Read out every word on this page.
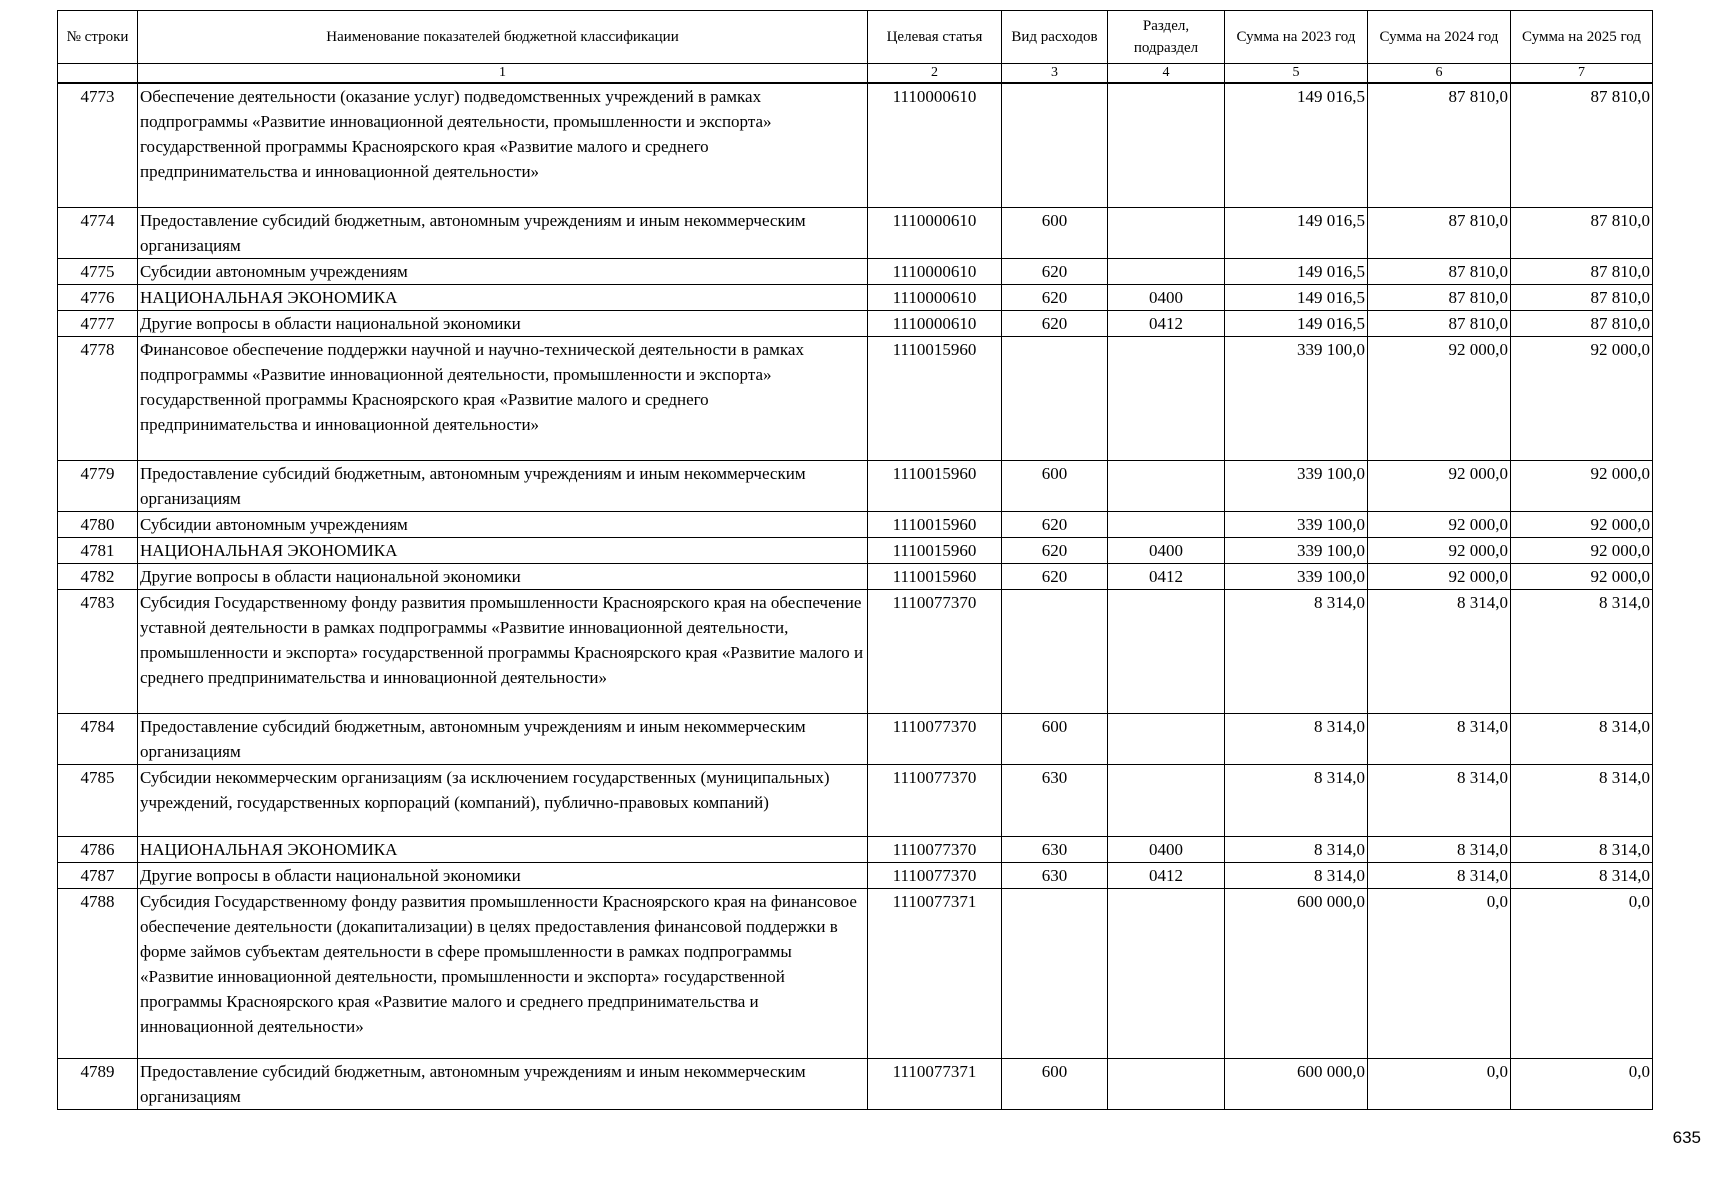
№ строки	Наименование показателей бюджетной классификации	Целевая статья	Вид расходов	Раздел, подраздел	Сумма на 2023 год	Сумма на 2024 год	Сумма на 2025 год
	1	2	3	4	5	6	7
4773	Обеспечение деятельности (оказание услуг) подведомственных учреждений в рамках подпрограммы «Развитие инновационной деятельности, промышленности и экспорта» государственной программы Красноярского края «Развитие малого и среднего предпринимательства и инновационной деятельности»	1110000610			149 016,5	87 810,0	87 810,0
4774	Предоставление субсидий бюджетным, автономным учреждениям и иным некоммерческим организациям	1110000610	600		149 016,5	87 810,0	87 810,0
4775	Субсидии автономным учреждениям	1110000610	620		149 016,5	87 810,0	87 810,0
4776	НАЦИОНАЛЬНАЯ ЭКОНОМИКА	1110000610	620	0400	149 016,5	87 810,0	87 810,0
4777	Другие вопросы в области национальной экономики	1110000610	620	0412	149 016,5	87 810,0	87 810,0
4778	Финансовое обеспечение поддержки научной и научно-технической деятельности в рамках подпрограммы «Развитие инновационной деятельности, промышленности и экспорта» государственной программы Красноярского края «Развитие малого и среднего предпринимательства и инновационной деятельности»	1110015960			339 100,0	92 000,0	92 000,0
4779	Предоставление субсидий бюджетным, автономным учреждениям и иным некоммерческим организациям	1110015960	600		339 100,0	92 000,0	92 000,0
4780	Субсидии автономным учреждениям	1110015960	620		339 100,0	92 000,0	92 000,0
4781	НАЦИОНАЛЬНАЯ ЭКОНОМИКА	1110015960	620	0400	339 100,0	92 000,0	92 000,0
4782	Другие вопросы в области национальной экономики	1110015960	620	0412	339 100,0	92 000,0	92 000,0
4783	Субсидия Государственному фонду развития промышленности Красноярского края на обеспечение уставной деятельности в рамках подпрограммы «Развитие инновационной деятельности, промышленности и экспорта» государственной программы Красноярского края «Развитие малого и среднего предпринимательства и инновационной деятельности»	1110077370			8 314,0	8 314,0	8 314,0
4784	Предоставление субсидий бюджетным, автономным учреждениям и иным некоммерческим организациям	1110077370	600		8 314,0	8 314,0	8 314,0
4785	Субсидии некоммерческим организациям (за исключением государственных (муниципальных) учреждений, государственных корпораций (компаний), публично-правовых компаний)	1110077370	630		8 314,0	8 314,0	8 314,0
4786	НАЦИОНАЛЬНАЯ ЭКОНОМИКА	1110077370	630	0400	8 314,0	8 314,0	8 314,0
4787	Другие вопросы в области национальной экономики	1110077370	630	0412	8 314,0	8 314,0	8 314,0
4788	Субсидия Государственному фонду развития промышленности Красноярского края на финансовое обеспечение деятельности (докапитализации) в целях предоставления финансовой поддержки в форме займов субъектам деятельности в сфере промышленности в рамках подпрограммы «Развитие инновационной деятельности, промышленности и экспорта» государственной программы Красноярского края «Развитие малого и среднего предпринимательства и инновационной деятельности»	1110077371			600 000,0	0,0	0,0
4789	Предоставление субсидий бюджетным, автономным учреждениям и иным некоммерческим организациям	1110077371	600		600 000,0	0,0	0,0
635
